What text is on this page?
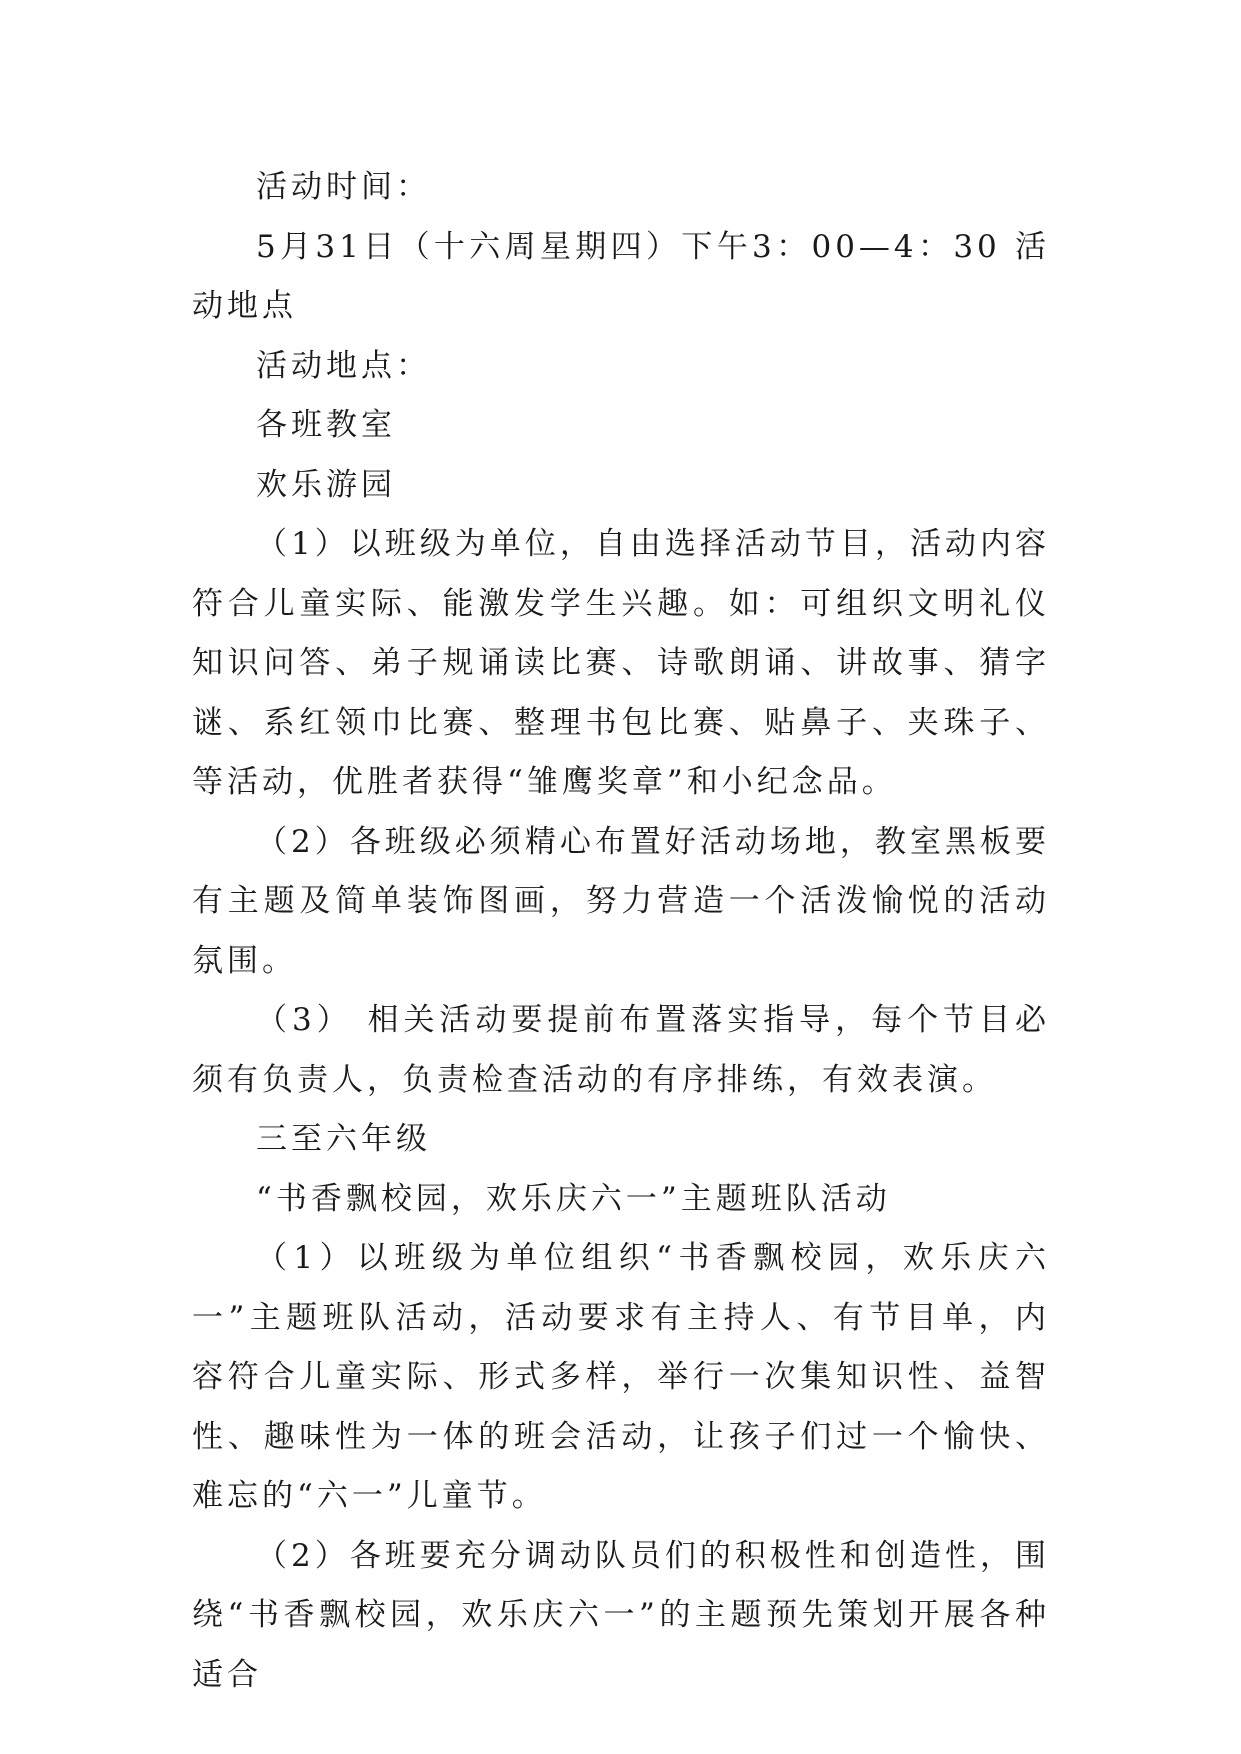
活动时间：

5月31日（十六周星期四）下午3：00—4：30 活动地点

活动地点：

各班教室

欢乐游园

（1）以班级为单位，自由选择活动节目，活动内容符合儿童实际、能激发学生兴趣。如：可组织文明礼仪知识问答、弟子规诵读比赛、诗歌朗诵、讲故事、猜字谜、系红领巾比赛、整理书包比赛、贴鼻子、夹珠子、等活动，优胜者获得“雏鹰奖章”和小纪念品。

（2）各班级必须精心布置好活动场地，教室黑板要有主题及简单装饰图画，努力营造一个活泼愉悦的活动氛围。

（3） 相关活动要提前布置落实指导，每个节目必须有负责人，负责检查活动的有序排练，有效表演。

三至六年级

“书香飘校园，欢乐庆六一”主题班队活动

（1）以班级为单位组织“书香飘校园，欢乐庆六一”主题班队活动，活动要求有主持人、有节目单，内容符合儿童实际、形式多样，举行一次集知识性、益智性、趣味性为一体的班会活动，让孩子们过一个愉快、难忘的“六一”儿童节。

（2）各班要充分调动队员们的积极性和创造性，围绕“书香飘校园，欢乐庆六一”的主题预先策划开展各种适合
